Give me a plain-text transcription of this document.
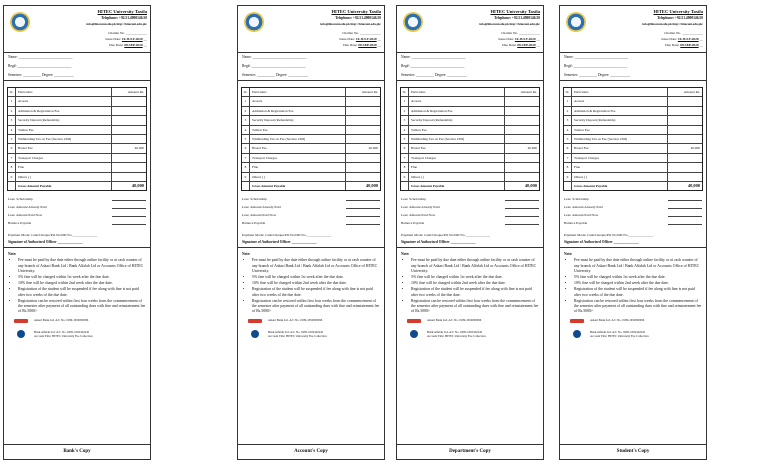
HITEC University Taxila
Telephone: +92.51.4900146.50
info@hitecuni.edu.pk http://hitecuni.edu.pk/
Challan No. ____________
Issue Date: 10.JULY.2020 __
Due Date: 08.SEP.2020 __
Name: ______________________________
Reg#: ______________________________
Semester: __________ Degree: ___________
Sr.	Particulars	Amount Rs.
1	Arrears
2	Admission & Registration Fee
3	Security Deposit (Refundable)
4	Tuition Fee
5	Withholding Tax on Fee (Section 236I)
6	Hostel Fee	40,000
7	Transport Charges
8	Fine
9	Others ( )
Gross Amount Payable	40,000
Less: Scholarship
Less: Amount Already Paid
Less: Amount Paid Now
Balance Payable
Payment Mode: Cash/Cheque/PO No/DD No.______________
Signature of Authorized Officer ______________
Note:
• Fee must be paid by due date either through online facility or at cash counter of any branch of Askari Bank Ltd / Bank Alfalah Ltd or Accounts Office of HITEC University.
• 5% fine will be charged within 1st week after the due date.
• 10% fine will be charged within 2nd week after the due date.
• Registration of the student will be suspended if fee along with fine is not paid after two weeks of the due date.
• Registration can be restored within first four weeks from the commencement of the semester after payment of all outstanding dues with fine and reinstatement fee of Rs.5000/-
Askari Bank Ltd. A/C No. 0189-1650000096
Bank Alfalah Ltd. A/C No. 0285-1002342245
Account Title: HITEC University Fee Collection
Bank's Copy
HITEC University Taxila
Telephone: +92.51.4900146.50
info@hitecuni.edu.pk http://hitecuni.edu.pk/
Challan No. ____________
Issue Date: 10.JULY.2020 __
Due Date: 08.SEP.2020 __
Name: ______________________________
Reg#: ______________________________
Semester: __________ Degree: ___________
Sr.	Particulars	Amount Rs.
1	Arrears
2	Admission & Registration Fee
3	Security Deposit (Refundable)
4	Tuition Fee
5	Withholding Tax on Fee (Section 236I)
6	Hostel Fee	40,000
7	Transport Charges
8	Fine
9	Others ( )
Gross Amount Payable	40,000
Less: Scholarship
Less: Amount Already Paid
Less: Amount Paid Now
Balance Payable
Payment Mode: Cash/Cheque/PO No/DD No.______________
Signature of Authorized Officer ______________
Note:
• Fee must be paid by due date either through online facility or at cash counter of any branch of Askari Bank Ltd / Bank Alfalah Ltd or Accounts Office of HITEC University.
• 5% fine will be charged within 1st week after the due date.
• 10% fine will be charged within 2nd week after the due date.
• Registration of the student will be suspended if fee along with fine is not paid after two weeks of the due date.
• Registration can be restored within first four weeks from the commencement of the semester after payment of all outstanding dues with fine and reinstatement fee of Rs.5000/-
Askari Bank Ltd. A/C No. 0189-1650000096
Bank Alfalah Ltd. A/C No. 0285-1002342245
Account Title: HITEC University Fee Collection
Account's Copy
HITEC University Taxila
Telephone: +92.51.4900146.50
info@hitecuni.edu.pk http://hitecuni.edu.pk/
Challan No. ____________
Issue Date: 10.JULY.2020 __
Due Date: 08.SEP.2020 __
Name: ______________________________
Reg#: ______________________________
Semester: __________ Degree: ___________
Sr.	Particulars	Amount Rs.
1	Arrears
2	Admission & Registration Fee
3	Security Deposit (Refundable)
4	Tuition Fee
5	Withholding Tax on Fee (Section 236I)
6	Hostel Fee	40,000
7	Transport Charges
8	Fine
9	Others ( )
Gross Amount Payable	40,000
Less: Scholarship
Less: Amount Already Paid
Less: Amount Paid Now
Balance Payable
Payment Mode: Cash/Cheque/PO No/DD No.______________
Signature of Authorized Officer ______________
Note:
• Fee must be paid by due date either through online facility or at cash counter of any branch of Askari Bank Ltd / Bank Alfalah Ltd or Accounts Office of HITEC University.
• 5% fine will be charged within 1st week after the due date.
• 10% fine will be charged within 2nd week after the due date.
• Registration of the student will be suspended if fee along with fine is not paid after two weeks of the due date.
• Registration can be restored within first four weeks from the commencement of the semester after payment of all outstanding dues with fine and reinstatement fee of Rs.5000/-
Askari Bank Ltd. A/C No. 0189-1650000096
Bank Alfalah Ltd. A/C No. 0285-1002342245
Account Title: HITEC University Fee Collection
Department's Copy
HITEC University Taxila
Telephone: +92.51.4900146.50
info@hitecuni.edu.pk http://hitecuni.edu.pk/
Challan No. ____________
Issue Date: 10.JULY.2020 __
Due Date: 08.SEP.2020 __
Name: ______________________________
Reg#: ______________________________
Semester: __________ Degree: ___________
Sr.	Particulars	Amount Rs.
1	Arrears
2	Admission & Registration Fee
3	Security Deposit (Refundable)
4	Tuition Fee
5	Withholding Tax on Fee (Section 236I)
6	Hostel Fee	40,000
7	Transport Charges
8	Fine
9	Others ( )
Gross Amount Payable	40,000
Less: Scholarship
Less: Amount Already Paid
Less: Amount Paid Now
Balance Payable
Payment Mode: Cash/Cheque/PO No/DD No.______________
Signature of Authorized Officer ______________
Note:
• Fee must be paid by due date either through online facility or at cash counter of any branch of Askari Bank Ltd / Bank Alfalah Ltd or Accounts Office of HITEC University.
• 5% fine will be charged within 1st week after the due date.
• 10% fine will be charged within 2nd week after the due date.
• Registration of the student will be suspended if fee along with fine is not paid after two weeks of the due date.
• Registration can be restored within first four weeks from the commencement of the semester after payment of all outstanding dues with fine and reinstatement fee of Rs.5000/-
Askari Bank Ltd. A/C No. 0189-1650000096
Bank Alfalah Ltd. A/C No. 0285-1002342245
Account Title: HITEC University Fee Collection
Student's Copy
